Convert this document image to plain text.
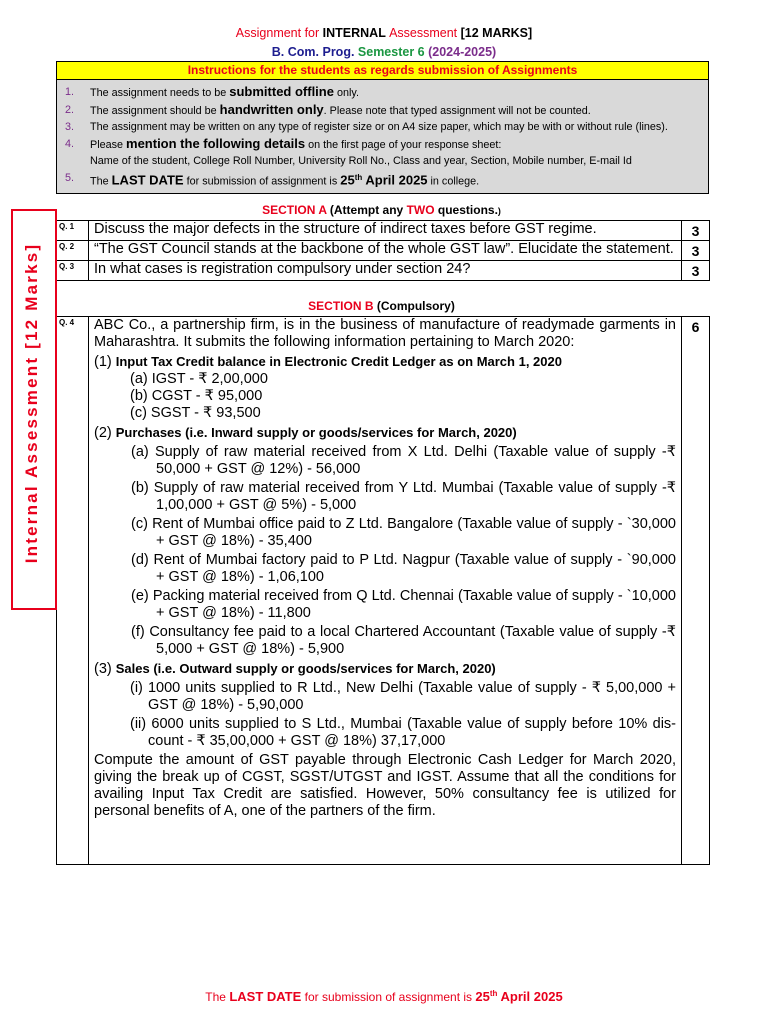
Assignment for INTERNAL Assessment [12 MARKS]
B. Com. Prog. Semester 6 (2024-2025)
Instructions for the students as regards submission of Assignments
1.	The assignment needs to be submitted offline only.
2.	The assignment should be handwritten only. Please note that typed assignment will not be counted.
3.	The assignment may be written on any type of register size or on A4 size paper, which may be with or without rule (lines).
4.	Please mention the following details on the first page of your response sheet:
Name of the student, College Roll Number, University Roll No., Class and year, Section, Mobile number, E-mail Id
5.	The LAST DATE for submission of assignment is 25th April 2025 in college.
SECTION A (Attempt any TWO questions.)
Q. 1	Discuss the major defects in the structure of indirect taxes before GST regime.	3
Q. 2	“The GST Council stands at the backbone of the whole GST law”. Elucidate the statement.	3
Q. 3	In what cases is registration compulsory under section 24?	3
SECTION B (Compulsory)
Q. 4	ABC Co., a partnership firm, is in the business of manufacture of readymade garments in Maharashtra. It submits the following information pertaining to March 2020:
(1) Input Tax Credit balance in Electronic Credit Ledger as on March 1, 2020
(a) IGST - ₹ 2,00,000
(b) CGST - ₹ 95,000
(c) SGST - ₹ 93,500
(2) Purchases (i.e. Inward supply or goods/services for March, 2020)
(a) Supply of raw material received from X Ltd. Delhi (Taxable value of supply -₹ 50,000 + GST @ 12%) - 56,000
(b) Supply of raw material received from Y Ltd. Mumbai (Taxable value of supply -₹ 1,00,000 + GST @ 5%) - 5,000
(c) Rent of Mumbai office paid to Z Ltd. Bangalore (Taxable value of supply - `30,000 + GST @ 18%) - 35,400
(d) Rent of Mumbai factory paid to P Ltd. Nagpur (Taxable value of supply - `90,000 + GST @ 18%) - 1,06,100
(e) Packing material received from Q Ltd. Chennai (Taxable value of supply - `10,000 + GST @ 18%) - 11,800
(f) Consultancy fee paid to a local Chartered Accountant (Taxable value of supply -₹ 5,000 + GST @ 18%) - 5,900
(3) Sales (i.e. Outward supply or goods/services for March, 2020)
(i) 1000 units supplied to R Ltd., New Delhi (Taxable value of supply - ₹ 5,00,000 + GST @ 18%) - 5,90,000
(ii) 6000 units supplied to S Ltd., Mumbai (Taxable value of supply before 10% dis-count - ₹ 35,00,000 + GST @ 18%) 37,17,000
Compute the amount of GST payable through Electronic Cash Ledger for March 2020, giving the break up of CGST, SGST/UTGST and IGST. Assume that all the conditions for availing Input Tax Credit are satisfied. However, 50% consultancy fee is utilized for personal benefits of A, one of the partners of the firm.
	6
Internal Assessment [12 Marks]
The LAST DATE for submission of assignment is 25th April 2025
